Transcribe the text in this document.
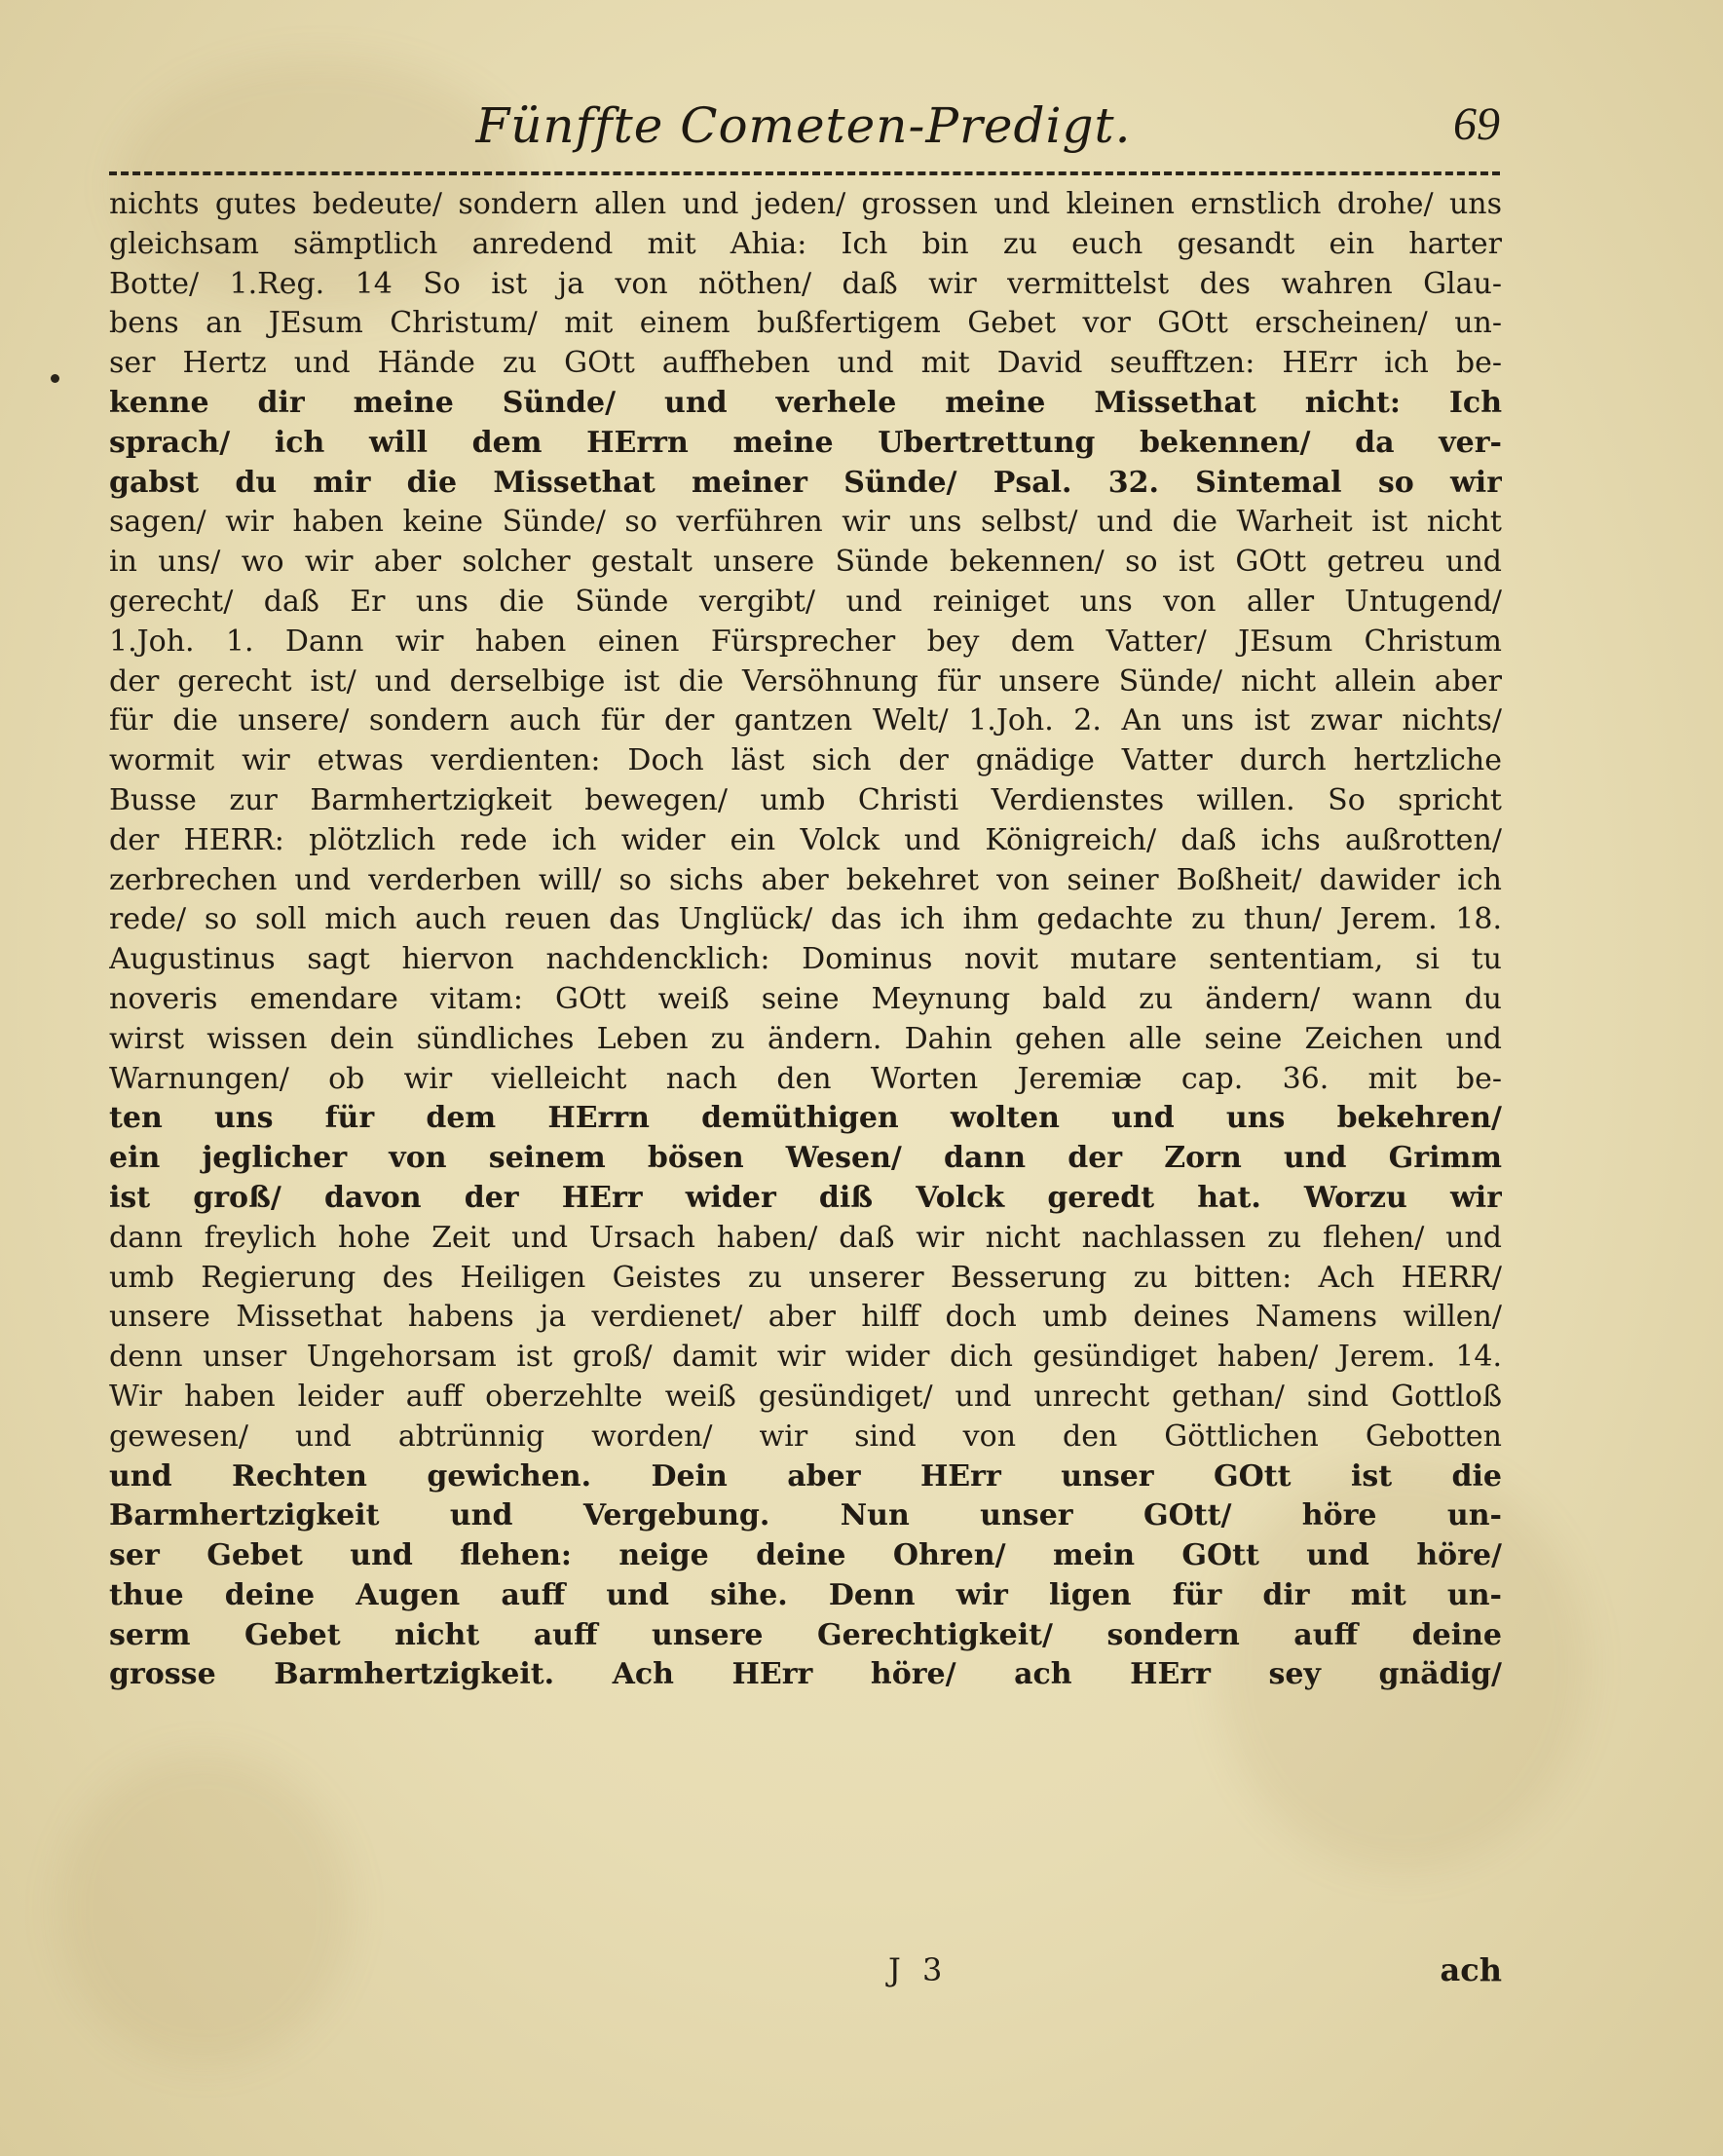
Fünffte Cometen-Predigt.	69
nichts gutes bedeute/ sondern allen und jeden/ grossen und kleinen ernstlich drohe/ uns
gleichsam sämptlich anredend mit Ahia: Ich bin zu euch gesandt ein harter
Botte/ 1.Reg. 14 So ist ja von nöthen/ daß wir vermittelst des wahren Glau-
bens an JEsum Christum/ mit einem bußfertigem Gebet vor GOtt erscheinen/ un-
ser Hertz und Hände zu GOtt auffheben und mit David seufftzen: HErr ich be-
kenne dir meine Sünde/ und verhele meine Missethat nicht: Ich
sprach/ ich will dem HErrn meine Ubertrettung bekennen/ da ver-
gabst du mir die Missethat meiner Sünde/ Psal. 32. Sintemal so wir
sagen/ wir haben keine Sünde/ so verführen wir uns selbst/ und die Warheit ist nicht
in uns/ wo wir aber solcher gestalt unsere Sünde bekennen/ so ist GOtt getreu und
gerecht/ daß Er uns die Sünde vergibt/ und reiniget uns von aller Untugend/
1.Joh. 1. Dann wir haben einen Fürsprecher bey dem Vatter/ JEsum Christum
der gerecht ist/ und derselbige ist die Versöhnung für unsere Sünde/ nicht allein aber
für die unsere/ sondern auch für der gantzen Welt/ 1.Joh. 2. An uns ist zwar nichts/
wormit wir etwas verdienten: Doch läst sich der gnädige Vatter durch hertzliche
Busse zur Barmhertzigkeit bewegen/ umb Christi Verdienstes willen. So spricht
der HERR: plötzlich rede ich wider ein Volck und Königreich/ daß ichs außrotten/
zerbrechen und verderben will/ so sichs aber bekehret von seiner Boßheit/ dawider ich
rede/ so soll mich auch reuen das Unglück/ das ich ihm gedachte zu thun/ Jerem. 18.
Augustinus sagt hiervon nachdencklich: Dominus novit mutare sententiam, si tu
noveris emendare vitam: GOtt weiß seine Meynung bald zu ändern/ wann du
wirst wissen dein sündliches Leben zu ändern. Dahin gehen alle seine Zeichen und
Warnungen/ ob wir vielleicht nach den Worten Jeremiæ cap. 36. mit be-
ten uns für dem HErrn demüthigen wolten und uns bekehren/
ein jeglicher von seinem bösen Wesen/ dann der Zorn und Grimm
ist groß/ davon der HErr wider diß Volck geredt hat. Worzu wir
dann freylich hohe Zeit und Ursach haben/ daß wir nicht nachlassen zu flehen/ und
umb Regierung des Heiligen Geistes zu unserer Besserung zu bitten: Ach HERR/
unsere Missethat habens ja verdienet/ aber hilff doch umb deines Namens willen/
denn unser Ungehorsam ist groß/ damit wir wider dich gesündiget haben/ Jerem. 14.
Wir haben leider auff oberzehlte weiß gesündiget/ und unrecht gethan/ sind Gottloß
gewesen/ und abtrünnig worden/ wir sind von den Göttlichen Gebotten
und Rechten gewichen. Dein aber HErr unser GOtt ist die
Barmhertzigkeit und Vergebung. Nun unser GOtt/ höre un-
ser Gebet und flehen: neige deine Ohren/ mein GOtt und höre/
thue deine Augen auff und sihe. Denn wir ligen für dir mit un-
serm Gebet nicht auff unsere Gerechtigkeit/ sondern auff deine
grosse Barmhertzigkeit. Ach HErr höre/ ach HErr sey gnädig/
J 3	ach
